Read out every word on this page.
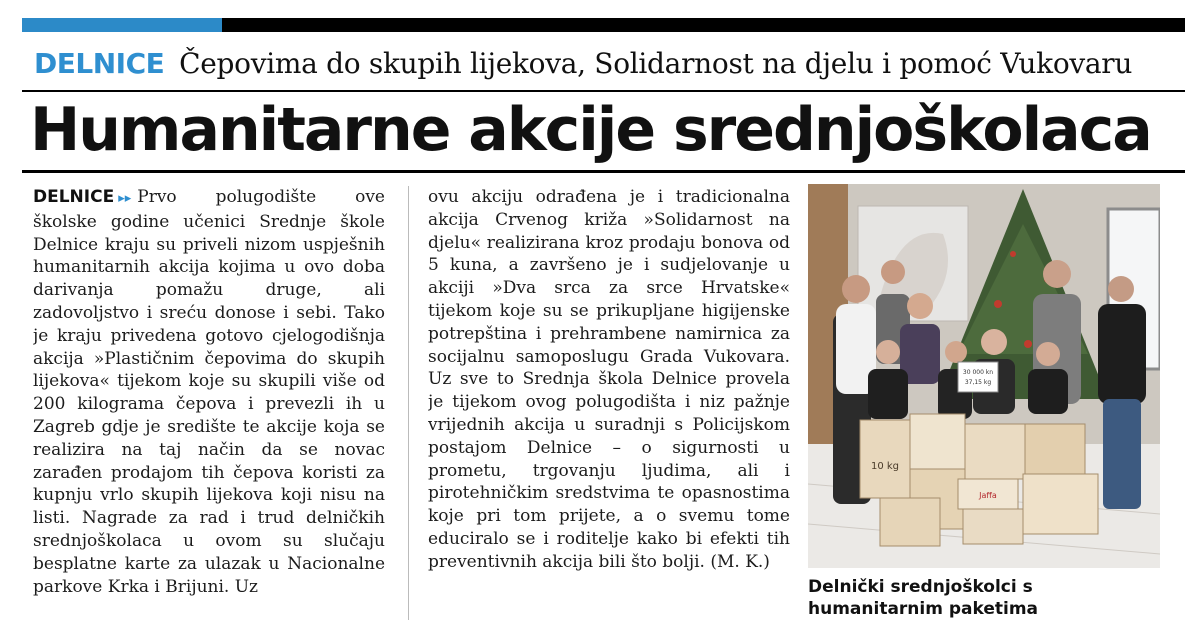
DELNICE Čepovima do skupih lijekova, Solidarnost na djelu i pomoć Vukovaru
Humanitarne akcije srednjoškolaca
DELNICE ▸▸ Prvo polugodište ove školske godine učenici Srednje škole Delnice kraju su priveli nizom uspješnih humanitarnih akcija kojima u ovo doba darivanja pomažu druge, ali zadovoljstvo i sreću donose i sebi. Tako je kraju privedena gotovo cjelogodišnja akcija »Plastičnim čepovima do skupih lijekova« tijekom koje su skupili više od 200 kilograma čepova i prevezli ih u Zagreb gdje je središte te akcije koja se realizira na taj način da se novac zarađen prodajom tih čepova koristi za kupnju vrlo skupih lijekova koji nisu na listi. Nagrade za rad i trud delničkih srednjoškolaca u ovom su slučaju besplatne karte za ulazak u Nacionalne parkove Krka i Brijuni. Uz
ovu akciju odrađena je i tradicionalna akcija Crvenog križa »Solidarnost na djelu« realizirana kroz prodaju bonova od 5 kuna, a završeno je i sudjelovanje u akciji »Dva srca za srce Hrvatske« tijekom koje su se prikupljane higijenske potrepština i prehrambene namirnica za socijalnu samoposlugu Grada Vukovara. Uz sve to Srednja škola Delnice provela je tijekom ovog polugodišta i niz pažnje vrijednih akcija u suradnji s Policijskom postajom Delnice – o sigurnosti u prometu, trgovanju ljudima, ali i pirotehničkim sredstvima te opasnostima koje pri tom prijete, a o svemu tome educiralo se i roditelje kako bi efekti tih preventivnih akcija bili što bolji. (M. K.)
30 000 kn
37,15 kg
10 kg
Jaffa
Delnički srednjoškolci s
humanitarnim paketima
